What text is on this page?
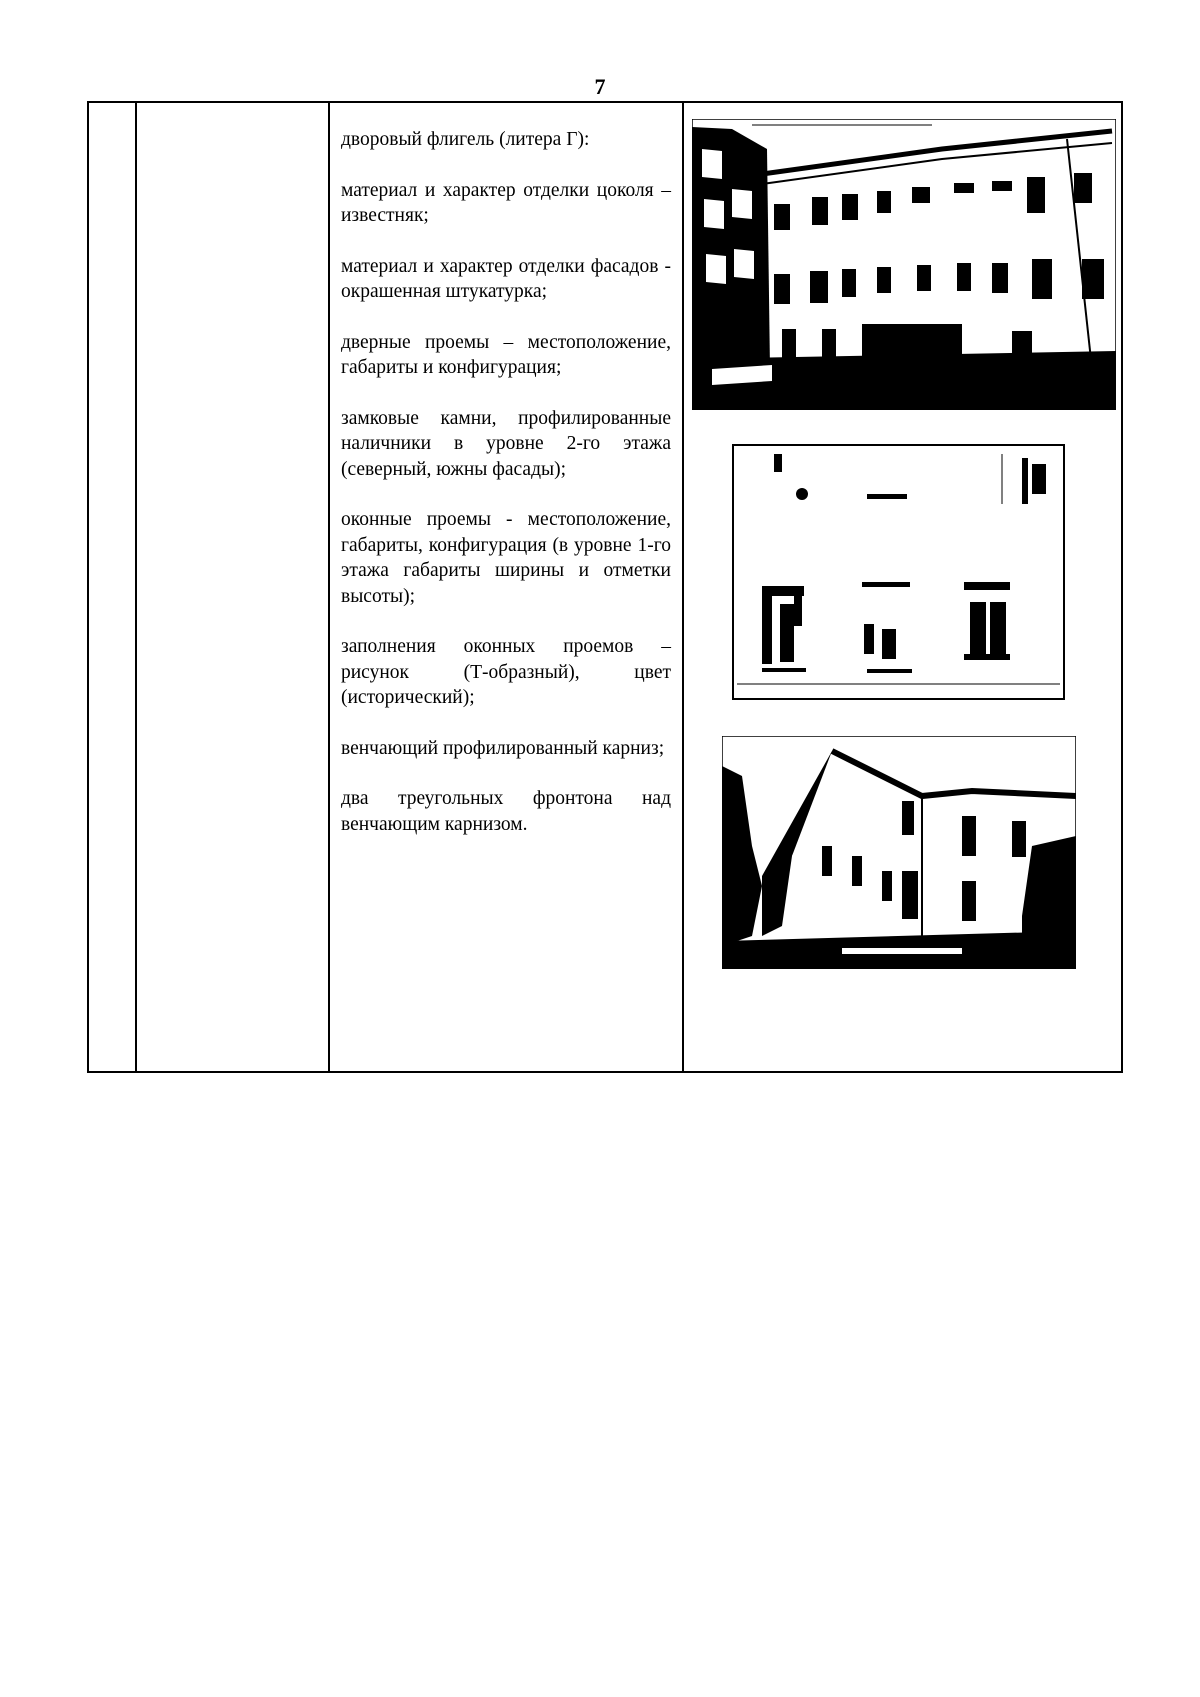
7

дворовый флигель (литера Г):

материал и характер отделки цоколя – известняк;

материал и характер отделки фасадов - окрашенная штукатурка;

дверные проемы – местоположение, габариты и конфигурация;

замковые камни, профилированные наличники в уровне 2-го этажа (северный, южны фасады);

оконные проемы - местоположение, габариты, конфигурация (в уровне 1-го этажа габариты ширины и отметки высоты);

заполнения оконных проемов – рисунок (Т-образный), цвет (исторический);

венчающий профилированный карниз;

два треугольных фронтона над венчающим карнизом.
